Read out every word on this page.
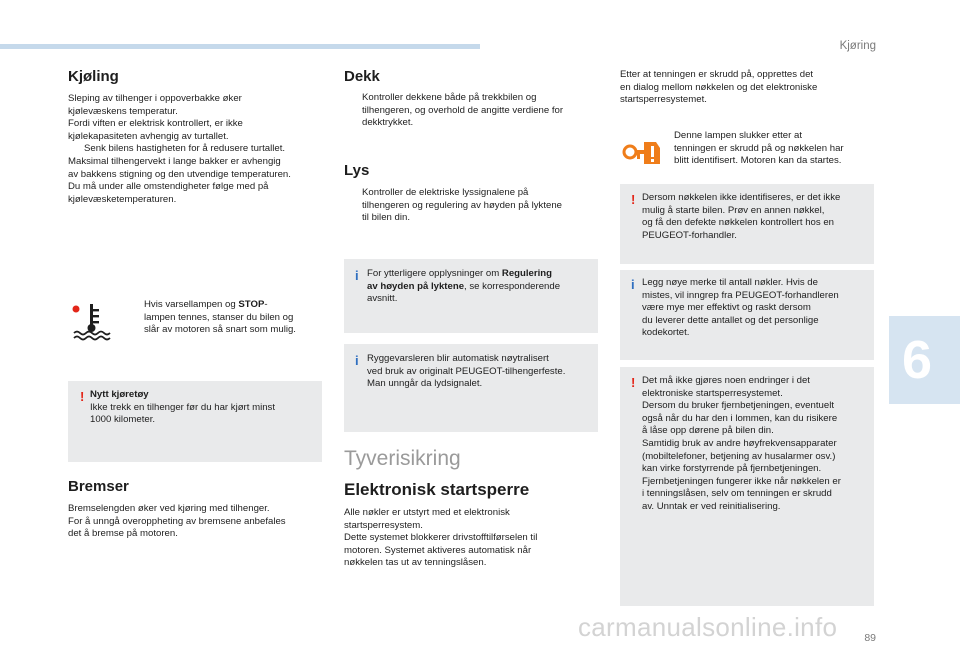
Kjøring
6
Kjøling
Sleping av tilhenger i oppoverbakke øker
kjølevæskens temperatur.
Fordi viften er elektrisk kontrollert, er ikke
kjølekapasiteten avhengig av turtallet.
Senk bilens hastigheten for å redusere turtallet.
Maksimal tilhengervekt i lange bakker er avhengig
av bakkens stigning og den utvendige temperaturen.
Du må under alle omstendigheter følge med på
kjølevæsketemperaturen.
Hvis varsellampen og STOP-
lampen tennes, stanser du bilen og
slår av motoren så snart som mulig.
! Nytt kjøretøy
Ikke trekk en tilhenger før du har kjørt minst
1000 kilometer.
Bremser
Bremselengden øker ved kjøring med tilhenger.
For å unngå overoppheting av bremsene anbefales
det å bremse på motoren.
Dekk
Kontroller dekkene både på trekkbilen og
tilhengeren, og overhold de angitte verdiene for
dekktrykket.
Lys
Kontroller de elektriske lyssignalene på
tilhengeren og regulering av høyden på lyktene
til bilen din.
i For ytterligere opplysninger om Regulering
av høyden på lyktene, se korresponderende
avsnitt.
i Ryggevarsleren blir automatisk nøytralisert
ved bruk av originalt PEUGEOT-tilhengerfeste.
Man unngår da lydsignalet.
Tyverisikring
Elektronisk startsperre
Alle nøkler er utstyrt med et elektronisk
startsperresystem.
Dette systemet blokkerer drivstofftilførselen til
motoren. Systemet aktiveres automatisk når
nøkkelen tas ut av tenningslåsen.
Etter at tenningen er skrudd på, opprettes det
en dialog mellom nøkkelen og det elektroniske
startsperresystemet.
Denne lampen slukker etter at
tenningen er skrudd på og nøkkelen har
blitt identifisert. Motoren kan da startes.
! Dersom nøkkelen ikke identifiseres, er det ikke
mulig å starte bilen. Prøv en annen nøkkel,
og få den defekte nøkkelen kontrollert hos en
PEUGEOT-forhandler.
i Legg nøye merke til antall nøkler. Hvis de
mistes, vil inngrep fra PEUGEOT-forhandleren
være mye mer effektivt og raskt dersom
du leverer dette antallet og det personlige
kodekortet.
! Det må ikke gjøres noen endringer i det
elektroniske startsperresystemet.
Dersom du bruker fjernbetjeningen, eventuelt
også når du har den i lommen, kan du risikere
å låse opp dørene på bilen din.
Samtidig bruk av andre høyfrekvensapparater
(mobiltelefoner, betjening av husalarmer osv.)
kan virke forstyrrende på fjernbetjeningen.
Fjernbetjeningen fungerer ikke når nøkkelen er
i tenningslåsen, selv om tenningen er skrudd
av. Unntak er ved reinitialisering.
carmanualsonline.info	89
